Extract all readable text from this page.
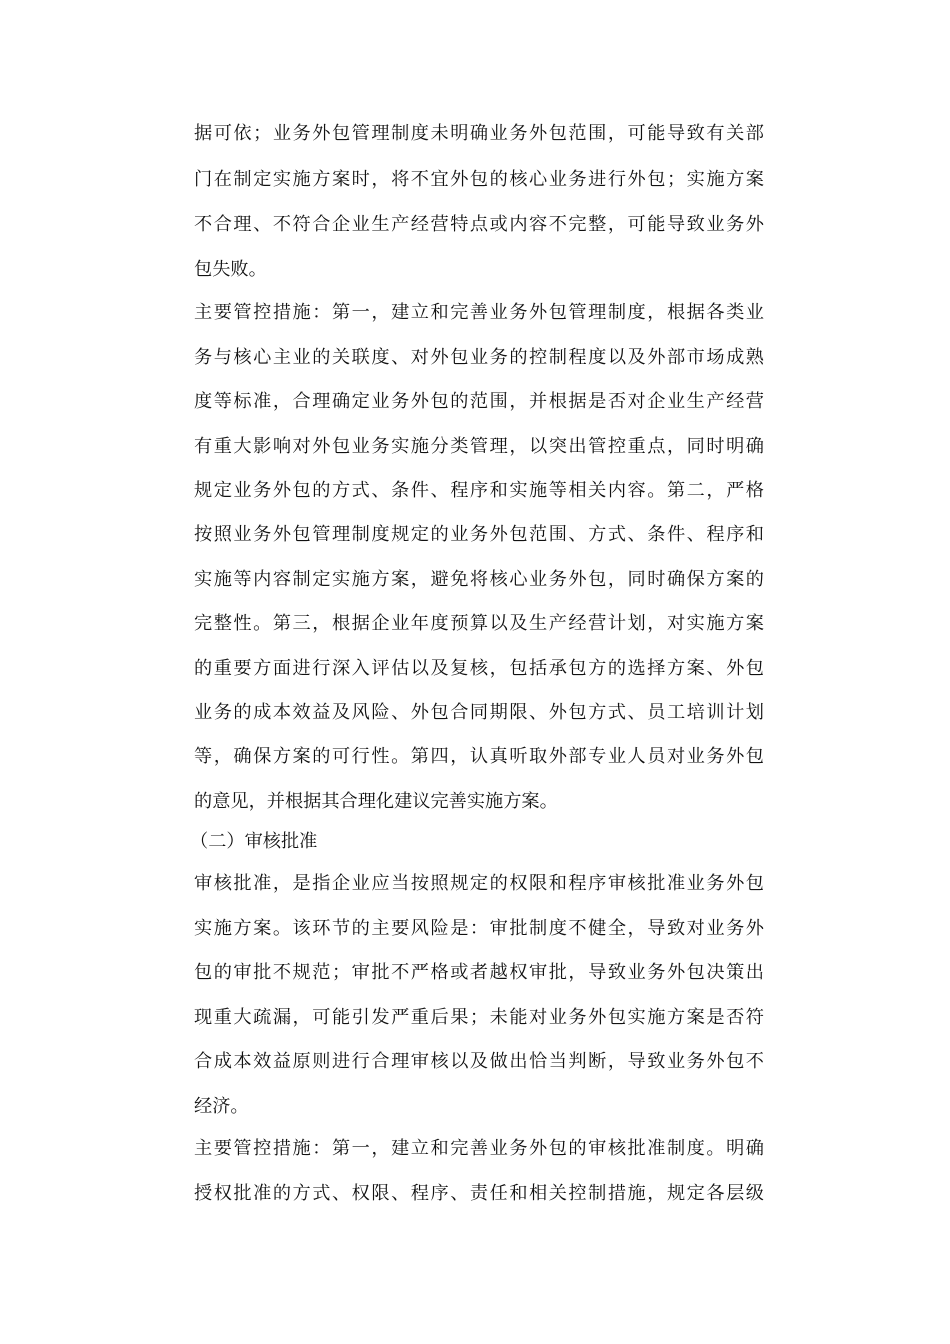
据可依；业务外包管理制度未明确业务外包范围，可能导致有关部
门在制定实施方案时，将不宜外包的核心业务进行外包；实施方案
不合理、不符合企业生产经营特点或内容不完整，可能导致业务外
包失败。
主要管控措施：第一，建立和完善业务外包管理制度，根据各类业
务与核心主业的关联度、对外包业务的控制程度以及外部市场成熟
度等标准，合理确定业务外包的范围，并根据是否对企业生产经营
有重大影响对外包业务实施分类管理，以突出管控重点，同时明确
规定业务外包的方式、条件、程序和实施等相关内容。第二，严格
按照业务外包管理制度规定的业务外包范围、方式、条件、程序和
实施等内容制定实施方案，避免将核心业务外包，同时确保方案的
完整性。第三，根据企业年度预算以及生产经营计划，对实施方案
的重要方面进行深入评估以及复核，包括承包方的选择方案、外包
业务的成本效益及风险、外包合同期限、外包方式、员工培训计划
等，确保方案的可行性。第四，认真听取外部专业人员对业务外包
的意见，并根据其合理化建议完善实施方案。
（二）审核批准
审核批准，是指企业应当按照规定的权限和程序审核批准业务外包
实施方案。该环节的主要风险是：审批制度不健全，导致对业务外
包的审批不规范；审批不严格或者越权审批，导致业务外包决策出
现重大疏漏，可能引发严重后果；未能对业务外包实施方案是否符
合成本效益原则进行合理审核以及做出恰当判断，导致业务外包不
经济。
主要管控措施：第一，建立和完善业务外包的审核批准制度。明确
授权批准的方式、权限、程序、责任和相关控制措施，规定各层级
